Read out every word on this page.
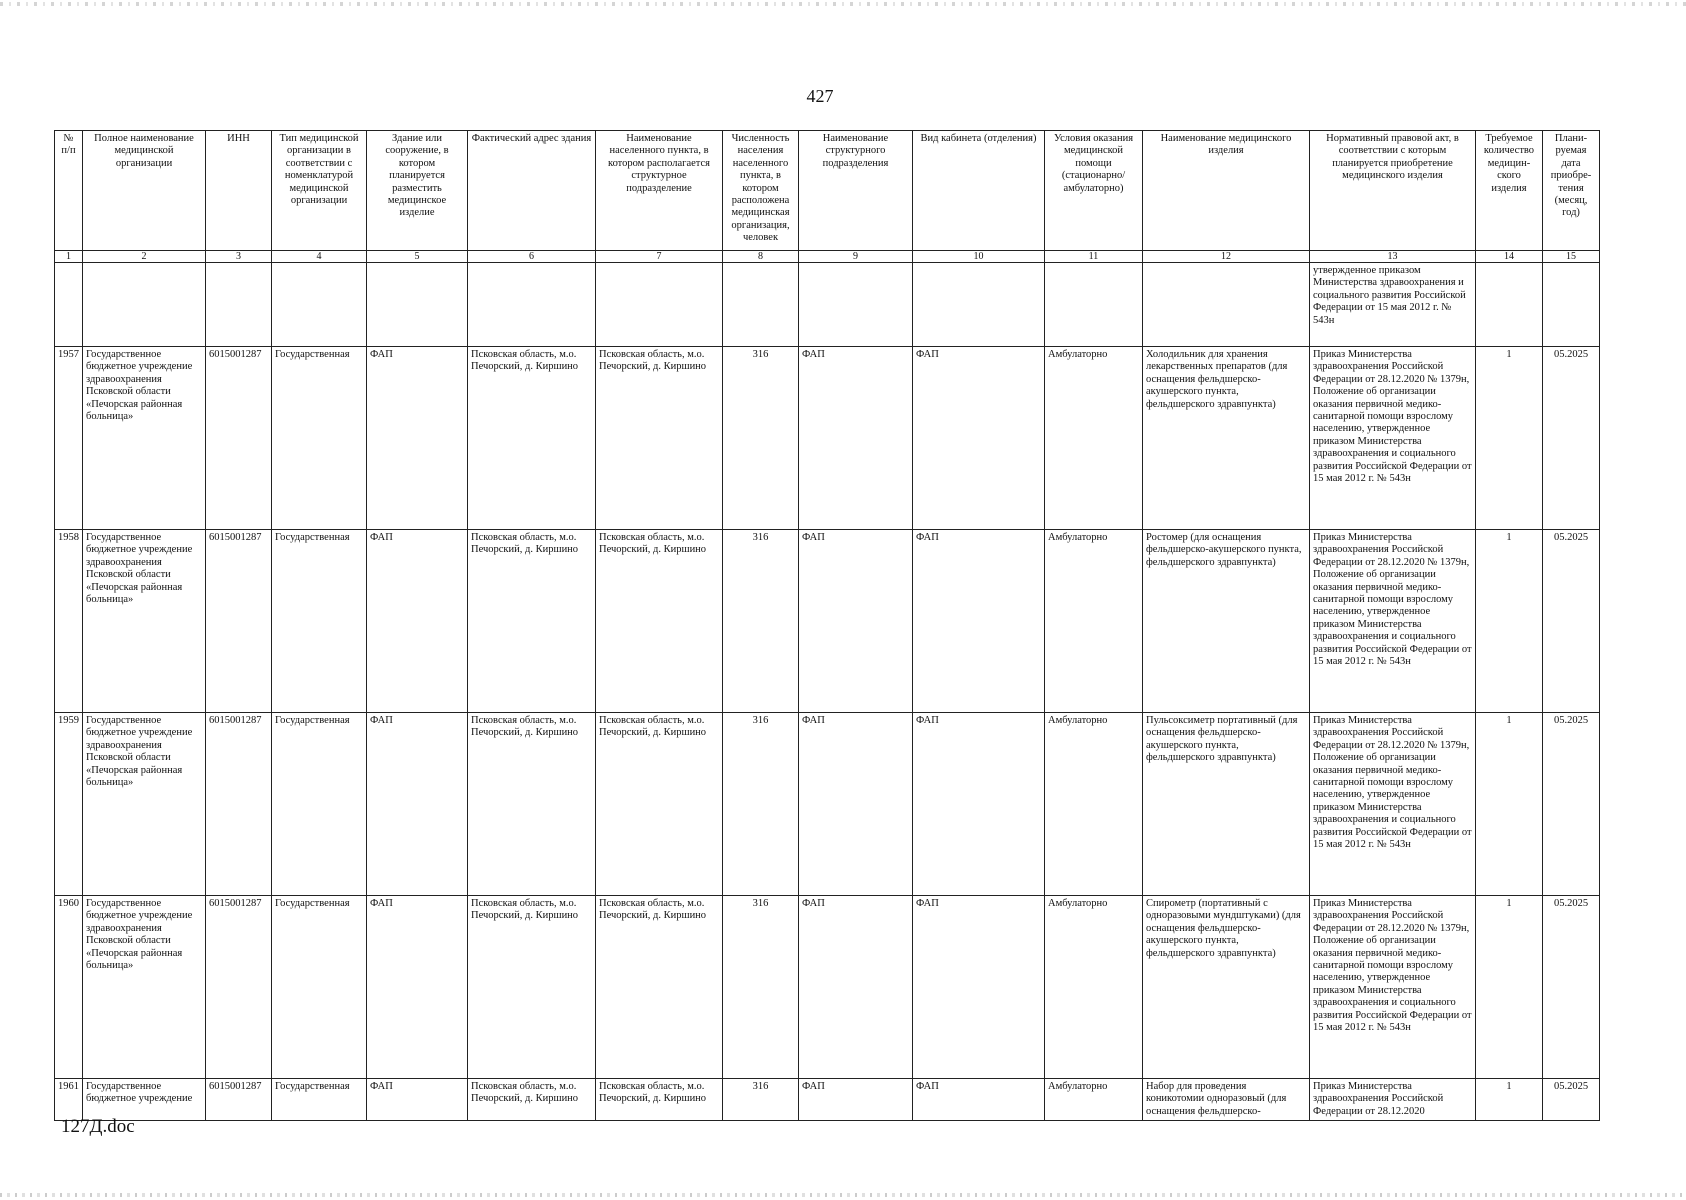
427
№ п/п	Полное наименование медицинской организации	ИНН	Тип медицинской организации в соответствии с номенклатурой медицинской организации	Здание или сооружение, в котором планируется разместить медицинское изделие	Фактический адрес здания	Наименование населенного пункта, в котором располагается структурное подразделение	Численность населения населенного пункта, в котором расположена медицинская организация, человек	Наименование структурного подразделения	Вид кабинета (отделения)	Условия оказания медицинской помощи (стационарно/ амбулаторно)	Наименование медицинского изделия	Нормативный правовой акт, в соответствии с которым планируется приобретение медицинского изделия	Требуемое количество медицин-ского изделия	Плани-руемая дата приобре-тения (месяц, год)
1	2	3	4	5	6	7	8	9	10	11	12	13	14	15
												утвержденное приказом Министерства здравоохранения и социального развития Российской Федерации от 15 мая 2012 г. № 543н		
1957	Государственное бюджетное учреждение здравоохранения Псковской области «Печорская районная больница»	6015001287	Государственная	ФАП	Псковская область, м.о. Печорский, д. Киршино	Псковская область, м.о. Печорский, д. Киршино	316	ФАП	ФАП	Амбулаторно	Холодильник для хранения лекарственных препаратов (для оснащения фельдшерско-акушерского пункта, фельдшерского здравпункта)	Приказ Министерства здравоохранения Российской Федерации от 28.12.2020 № 1379н, Положение об организации оказания первичной медико-санитарной помощи взрослому населению, утвержденное приказом Министерства здравоохранения и социального развития Российской Федерации от 15 мая 2012 г. № 543н	1	05.2025
1958	Государственное бюджетное учреждение здравоохранения Псковской области «Печорская районная больница»	6015001287	Государственная	ФАП	Псковская область, м.о. Печорский, д. Киршино	Псковская область, м.о. Печорский, д. Киршино	316	ФАП	ФАП	Амбулаторно	Ростомер (для оснащения фельдшерско-акушерского пункта, фельдшерского здравпункта)	Приказ Министерства здравоохранения Российской Федерации от 28.12.2020 № 1379н, Положение об организации оказания первичной медико-санитарной помощи взрослому населению, утвержденное приказом Министерства здравоохранения и социального развития Российской Федерации от 15 мая 2012 г. № 543н	1	05.2025
1959	Государственное бюджетное учреждение здравоохранения Псковской области «Печорская районная больница»	6015001287	Государственная	ФАП	Псковская область, м.о. Печорский, д. Киршино	Псковская область, м.о. Печорский, д. Киршино	316	ФАП	ФАП	Амбулаторно	Пульсоксиметр портативный (для оснащения фельдшерско-акушерского пункта, фельдшерского здравпункта)	Приказ Министерства здравоохранения Российской Федерации от 28.12.2020 № 1379н, Положение об организации оказания первичной медико-санитарной помощи взрослому населению, утвержденное приказом Министерства здравоохранения и социального развития Российской Федерации от 15 мая 2012 г. № 543н	1	05.2025
1960	Государственное бюджетное учреждение здравоохранения Псковской области «Печорская районная больница»	6015001287	Государственная	ФАП	Псковская область, м.о. Печорский, д. Киршино	Псковская область, м.о. Печорский, д. Киршино	316	ФАП	ФАП	Амбулаторно	Спирометр (портативный с одноразовыми мундштуками) (для оснащения фельдшерско-акушерского пункта, фельдшерского здравпункта)	Приказ Министерства здравоохранения Российской Федерации от 28.12.2020 № 1379н, Положение об организации оказания первичной медико-санитарной помощи взрослому населению, утвержденное приказом Министерства здравоохранения и социального развития Российской Федерации от 15 мая 2012 г. № 543н	1	05.2025
1961	Государственное бюджетное учреждение	6015001287	Государственная	ФАП	Псковская область, м.о. Печорский, д. Киршино	Псковская область, м.о. Печорский, д. Киршино	316	ФАП	ФАП	Амбулаторно	Набор для проведения коникотомии одноразовый (для оснащения фельдшерско-	Приказ Министерства здравоохранения Российской Федерации от 28.12.2020	1	05.2025
127Д.doc
